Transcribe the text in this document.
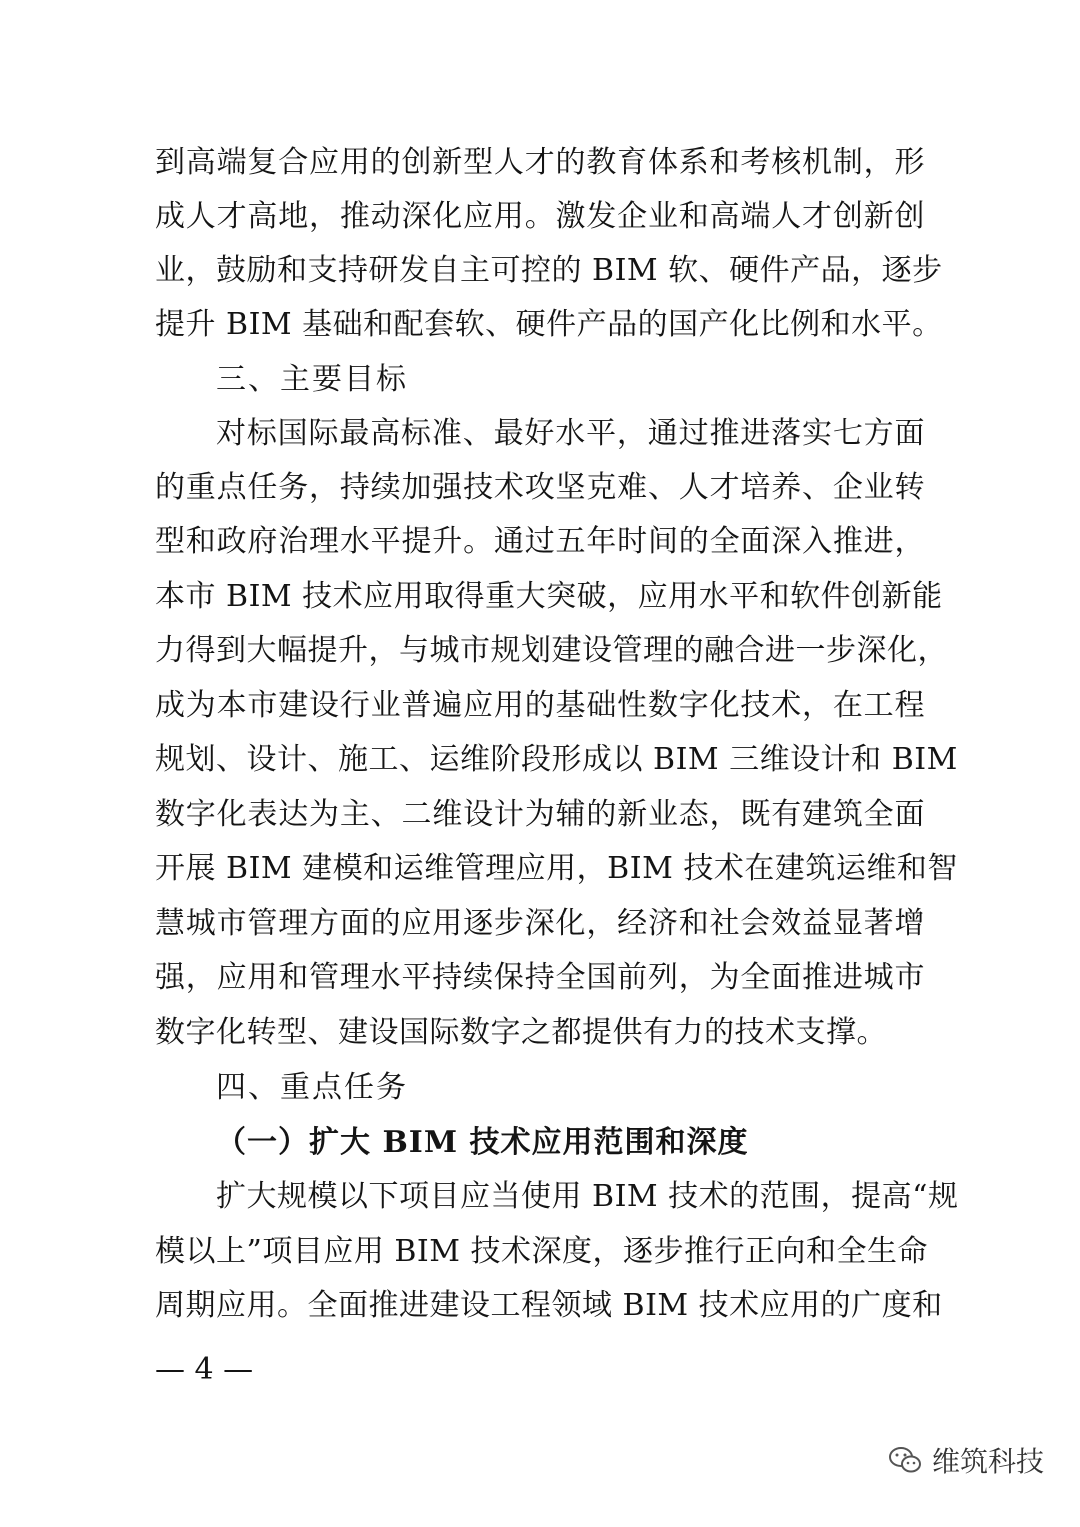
到高端复合应用的创新型人才的教育体系和考核机制，形
成人才高地，推动深化应用。激发企业和高端人才创新创
业，鼓励和支持研发自主可控的 BIM 软、硬件产品，逐步
提升 BIM 基础和配套软、硬件产品的国产化比例和水平。
三、主要目标
对标国际最高标准、最好水平，通过推进落实七方面
的重点任务，持续加强技术攻坚克难、人才培养、企业转
型和政府治理水平提升。通过五年时间的全面深入推进，
本市 BIM 技术应用取得重大突破，应用水平和软件创新能
力得到大幅提升，与城市规划建设管理的融合进一步深化，
成为本市建设行业普遍应用的基础性数字化技术，在工程
规划、设计、施工、运维阶段形成以 BIM 三维设计和 BIM
数字化表达为主、二维设计为辅的新业态，既有建筑全面
开展 BIM 建模和运维管理应用，BIM 技术在建筑运维和智
慧城市管理方面的应用逐步深化，经济和社会效益显著增
强，应用和管理水平持续保持全国前列，为全面推进城市
数字化转型、建设国际数字之都提供有力的技术支撑。
四、重点任务
（一）扩大 BIM 技术应用范围和深度
扩大规模以下项目应当使用 BIM 技术的范围，提高“规
模以上”项目应用 BIM 技术深度，逐步推行正向和全生命
周期应用。全面推进建设工程领域 BIM 技术应用的广度和
— 4 —
维筑科技
